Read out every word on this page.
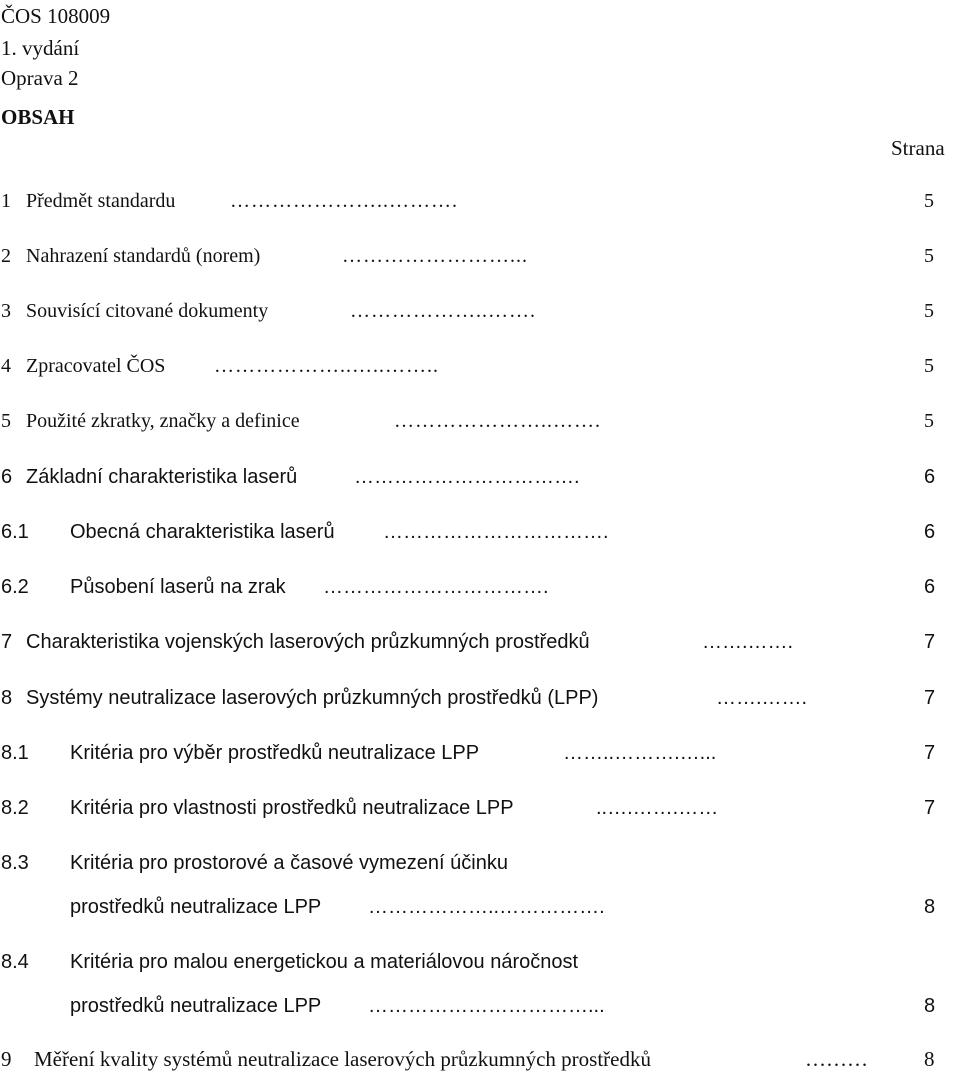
ČOS 108009
1. vydání
Oprava 2
OBSAH
Strana
1 Předmět standardu	…………………..……….	5
2 Nahrazení standardů (norem)	……………………...	5
3 Souvisící citované dokumenty	………………..…….	5
4 Zpracovatel ČOS ………………..…..……..	5
5 Použité zkratky, značky a definice	…………………..…….	5
6 Základní charakteristika laserů	…………………………….	6
6.1 Obecná charakteristika laserů …………………………….	6
6.2 Působení laserů na zrak …………………………….	6
7 Charakteristika vojenských laserových průzkumných prostředků	…….…….	7
8 Systémy neutralizace laserových průzkumných prostředků (LPP)	…….…….	7
8.1 Kritéria pro výběr prostředků neutralizace LPP	……..……….…...	7
8.2 Kritéria pro vlastnosti prostředků neutralizace LPP	..….…….……	7
8.3 Kritéria pro prostorové a časové vymezení účinku
prostředků neutralizace LPP ………………..…………….	8
8.4 Kritéria pro malou energetickou a materiálovou náročnost
prostředků neutralizace LPP ……………………………...	8
9 Měření kvality systémů neutralizace laserových průzkumných prostředků	………	8
